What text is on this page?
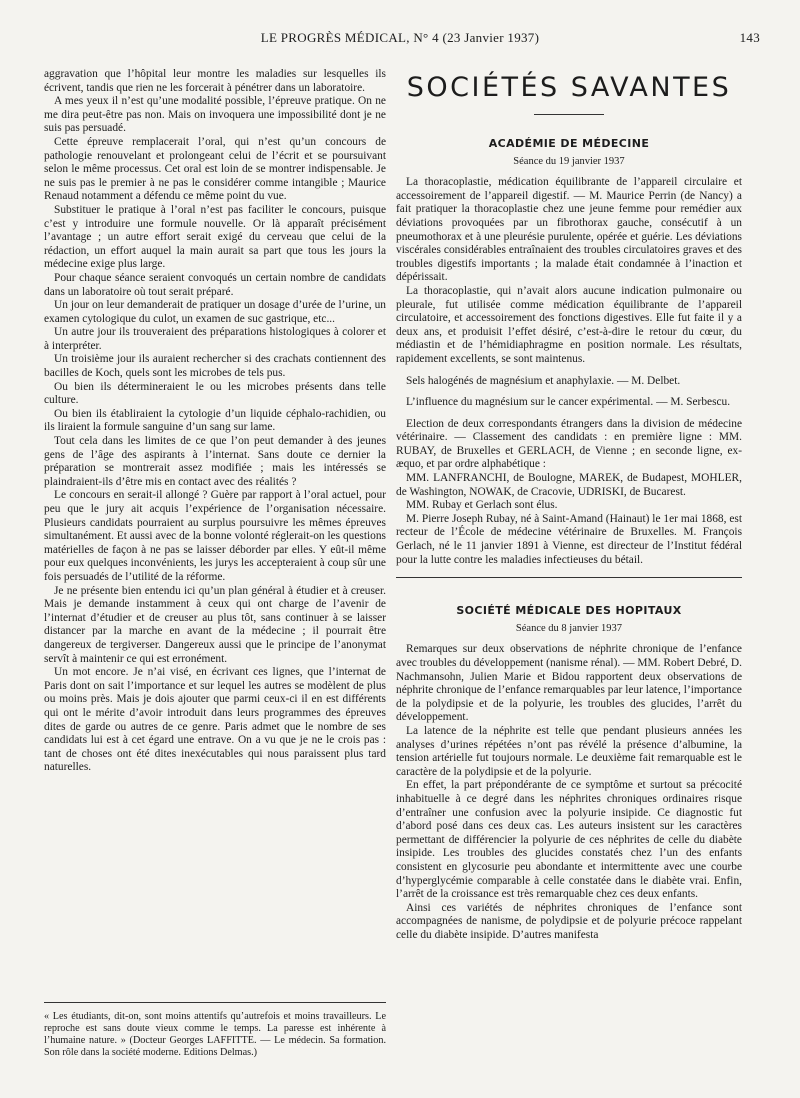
LE PROGRÈS MÉDICAL, N° 4 (23 Janvier 1937)	143

aggravation que l’hôpital leur montre les maladies sur lesquelles ils écrivent, tandis que rien ne les forcerait à pénétrer dans un laboratoire.

A mes yeux il n’est qu’une modalité possible, l’épreuve pratique. On ne me dira peut-être pas non. Mais on invoquera une impossibilité dont je ne suis pas persuadé.

Cette épreuve remplacerait l’oral, qui n’est qu’un concours de pathologie renouvelant et prolongeant celui de l’écrit et se poursuivant selon le même processus. Cet oral est loin de se montrer indispensable. Je ne suis pas le premier à ne pas le considérer comme intangible ; Maurice Renaud notamment a défendu ce même point du vue.

Substituer le pratique à l’oral n’est pas faciliter le concours, puisque c’est y introduire une formule nouvelle. Or là apparaît précisément l’avantage ; un autre effort serait exigé du cerveau que celui de la rédaction, un effort auquel la main aurait sa part que tous les jours la médecine exige plus large.

Pour chaque séance seraient convoqués un certain nombre de candidats dans un laboratoire où tout serait préparé.

Un jour on leur demanderait de pratiquer un dosage d’urée de l’urine, un examen cytologique du culot, un examen de suc gastrique, etc...

Un autre jour ils trouveraient des préparations histologiques à colorer et à interpréter.

Un troisième jour ils auraient rechercher si des crachats contiennent des bacilles de Koch, quels sont les microbes de tels pus.

Ou bien ils détermineraient le ou les microbes présents dans telle culture.

Ou bien ils établiraient la cytologie d’un liquide céphalo-rachidien, ou ils liraient la formule sanguine d’un sang sur lame.

Tout cela dans les limites de ce que l’on peut demander à des jeunes gens de l’âge des aspirants à l’internat. Sans doute ce dernier la préparation se montrerait assez modifiée ; mais les intéressés se plaindraient-ils d’être mis en contact avec des réalités ?

Le concours en serait-il allongé ? Guère par rapport à l’oral actuel, pour peu que le jury ait acquis l’expérience de l’organisation nécessaire. Plusieurs candidats pourraient au surplus poursuivre les mêmes épreuves simultanément. Et aussi avec de la bonne volonté réglerait-on les questions matérielles de façon à ne pas se laisser déborder par elles. Y eût-il même pour eux quelques inconvénients, les jurys les accepteraient à coup sûr une fois persuadés de l’utilité de la réforme.

Je ne présente bien entendu ici qu’un plan général à étudier et à creuser. Mais je demande instamment à ceux qui ont charge de l’avenir de l’internat d’étudier et de creuser au plus tôt, sans continuer à se laisser distancer par la marche en avant de la médecine ; il pourrait être dangereux de tergiverser. Dangereux aussi que le principe de l’anonymat servît à maintenir ce qui est erronément.

Un mot encore. Je n’ai visé, en écrivant ces lignes, que l’internat de Paris dont on sait l’importance et sur lequel les autres se modèlent de plus ou moins près. Mais je dois ajouter que parmi ceux-ci il en est différents qui ont le mérite d’avoir introduit dans leurs programmes des épreuves dites de garde ou autres de ce genre. Paris admet que le nombre de ses candidats lui est à cet égard une entrave. On a vu que je ne le crois pas : tant de choses ont été dites inexécutables qui nous paraissent plus tard naturelles.

« Les étudiants, dit-on, sont moins attentifs qu’autrefois et moins travailleurs. Le reproche est sans doute vieux comme le temps. La paresse est inhérente à l’humaine nature. » (Docteur Georges LAFFITTE. — Le médecin. Sa formation. Son rôle dans la société moderne. Editions Delmas.)
SOCIÉTÉS SAVANTES
ACADÉMIE DE MÉDECINE
Séance du 19 janvier 1937

La thoracoplastie, médication équilibrante de l’appareil circulaire et accessoirement de l’appareil digestif. — M. Maurice Perrin (de Nancy) a fait pratiquer la thoracoplastie chez une jeune femme pour remédier aux déviations provoquées par un fibrothorax gauche, consécutif à un pneumothorax et à une pleurésie purulente, opérée et guérie. Les déviations viscérales considérables entraînaient des troubles circulatoires graves et des troubles digestifs importants ; la malade était condamnée à l’inaction et dépérissait.

La thoracoplastie, qui n’avait alors aucune indication pulmonaire ou pleurale, fut utilisée comme médication équilibrante de l’appareil circulatoire, et accessoirement des fonctions digestives. Elle fut faite il y a deux ans, et produisit l’effet désiré, c’est-à-dire le retour du cœur, du médiastin et de l’hémidiaphragme en position normale. Les résultats, rapidement excellents, se sont maintenus.

Sels halogénés de magnésium et anaphylaxie. — M. Delbet.

L’influence du magnésium sur le cancer expérimental. — M. Serbescu.

Election de deux correspondants étrangers dans la division de médecine vétérinaire. — Classement des candidats : en première ligne : MM. RUBAY, de Bruxelles et GERLACH, de Vienne ; en seconde ligne, ex-æquo, et par ordre alphabétique :

MM. LANFRANCHI, de Boulogne, MAREK, de Budapest, MOHLER, de Washington, NOWAK, de Cracovie, UDRISKI, de Bucarest.

MM. Rubay et Gerlach sont élus.

M. Pierre Joseph Rubay, né à Saint-Amand (Hainaut) le 1er mai 1868, est recteur de l’École de médecine vétérinaire de Bruxelles. M. François Gerlach, né le 11 janvier 1891 à Vienne, est directeur de l’Institut fédéral pour la lutte contre les maladies infectieuses du bétail.

SOCIÉTÉ MÉDICALE DES HOPITAUX
Séance du 8 janvier 1937

Remarques sur deux observations de néphrite chronique de l’enfance avec troubles du développement (nanisme rénal). — MM. Robert Debré, D. Nachmansohn, Julien Marie et Bidou rapportent deux observations de néphrite chronique de l’enfance remarquables par leur latence, l’importance de la polydipsie et de la polyurie, les troubles des glucides, l’arrêt du développement.

La latence de la néphrite est telle que pendant plusieurs années les analyses d’urines répétées n’ont pas révélé la présence d’albumine, la tension artérielle fut toujours normale. Le deuxième fait remarquable est le caractère de la polydipsie et de la polyurie.

En effet, la part prépondérante de ce symptôme et surtout sa précocité inhabituelle à ce degré dans les néphrites chroniques ordinaires risque d’entraîner une confusion avec la polyurie insipide. Ce diagnostic fut d’abord posé dans ces deux cas. Les auteurs insistent sur les caractères permettant de différencier la polyurie de ces néphrites de celle du diabète insipide. Les troubles des glucides constatés chez l’un des enfants consistent en glycosurie peu abondante et intermittente avec une courbe d’hyperglycémie comparable à celle constatée dans le diabète vrai. Enfin, l’arrêt de la croissance est très remarquable chez ces deux enfants.

Ainsi ces variétés de néphrites chroniques de l’enfance sont accompagnées de nanisme, de polydipsie et de polyurie précoce rappelant celle du diabète insipide. D’autres manifesta
